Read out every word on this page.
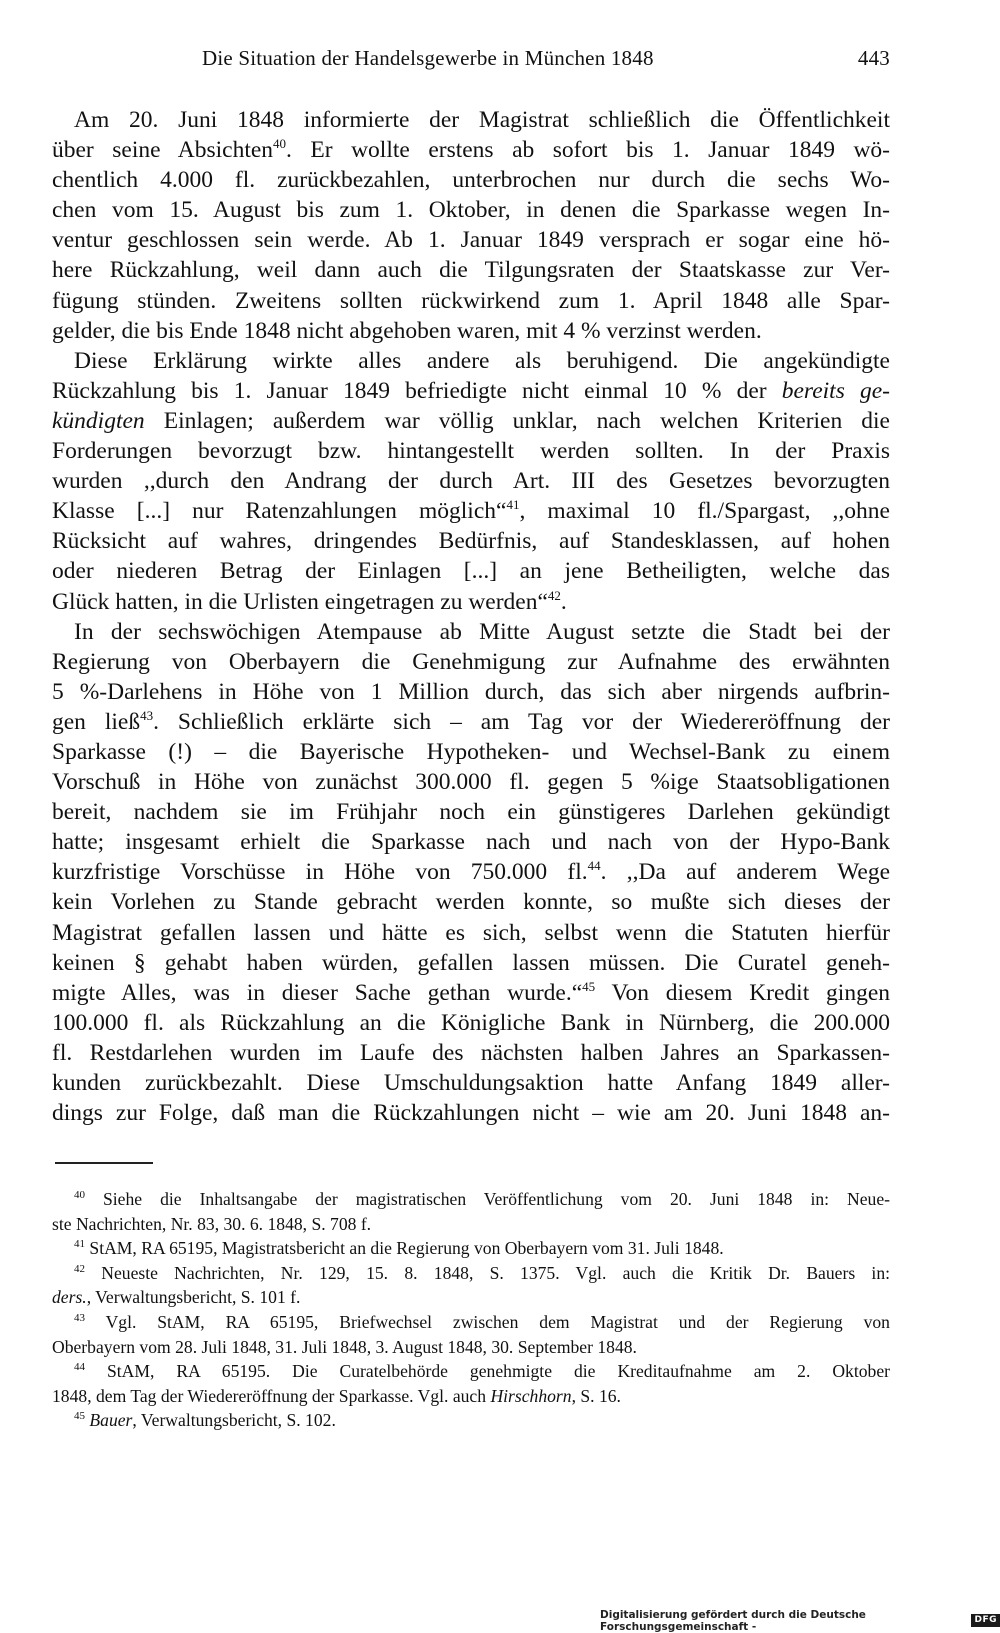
Die Situation der Handelsgewerbe in München 1848	443

Am 20. Juni 1848 informierte der Magistrat schließlich die Öffentlichkeit
über seine Absichten$^{40}$. Er wollte erstens ab sofort bis 1. Januar 1849 wö-
chentlich 4.000 fl. zurückbezahlen, unterbrochen nur durch die sechs Wo-
chen vom 15. August bis zum 1. Oktober, in denen die Sparkasse wegen In-
ventur geschlossen sein werde. Ab 1. Januar 1849 versprach er sogar eine hö-
here Rückzahlung, weil dann auch die Tilgungsraten der Staatskasse zur Ver-
fügung stünden. Zweitens sollten rückwirkend zum 1. April 1848 alle Spar-
gelder, die bis Ende 1848 nicht abgehoben waren, mit 4 % verzinst werden.

Diese Erklärung wirkte alles andere als beruhigend. Die angekündigte
Rückzahlung bis 1. Januar 1849 befriedigte nicht einmal 10 % der bereits ge-
kündigten Einlagen; außerdem war völlig unklar, nach welchen Kriterien die
Forderungen bevorzugt bzw. hintangestellt werden sollten. In der Praxis
wurden ,,durch den Andrang der durch Art. III des Gesetzes bevorzugten
Klasse [...] nur Ratenzahlungen möglich“$^{41}$, maximal 10 fl./Spargast, ,,ohne
Rücksicht auf wahres, dringendes Bedürfnis, auf Standesklassen, auf hohen
oder niederen Betrag der Einlagen [...] an jene Betheiligten, welche das
Glück hatten, in die Urlisten eingetragen zu werden“$^{42}$.

In der sechswöchigen Atempause ab Mitte August setzte die Stadt bei der
Regierung von Oberbayern die Genehmigung zur Aufnahme des erwähnten
5 %-Darlehens in Höhe von 1 Million durch, das sich aber nirgends aufbrin-
gen ließ$^{43}$. Schließlich erklärte sich – am Tag vor der Wiedereröffnung der
Sparkasse (!) – die Bayerische Hypotheken- und Wechsel-Bank zu einem
Vorschuß in Höhe von zunächst 300.000 fl. gegen 5 %ige Staatsobligationen
bereit, nachdem sie im Frühjahr noch ein günstigeres Darlehen gekündigt
hatte; insgesamt erhielt die Sparkasse nach und nach von der Hypo-Bank
kurzfristige Vorschüsse in Höhe von 750.000 fl.$^{44}$. ,,Da auf anderem Wege
kein Vorlehen zu Stande gebracht werden konnte, so mußte sich dieses der
Magistrat gefallen lassen und hätte es sich, selbst wenn die Statuten hierfür
keinen § gehabt haben würden, gefallen lassen müssen. Die Curatel geneh-
migte Alles, was in dieser Sache gethan wurde.“$^{45}$ Von diesem Kredit gingen
100.000 fl. als Rückzahlung an die Königliche Bank in Nürnberg, die 200.000
fl. Restdarlehen wurden im Laufe des nächsten halben Jahres an Sparkassen-
kunden zurückbezahlt. Diese Umschuldungsaktion hatte Anfang 1849 aller-
dings zur Folge, daß man die Rückzahlungen nicht – wie am 20. Juni 1848 an-

$^{40}$ Siehe die Inhaltsangabe der magistratischen Veröffentlichung vom 20. Juni 1848 in: Neue-
ste Nachrichten, Nr. 83, 30. 6. 1848, S. 708 f.
$^{41}$ StAM, RA 65195, Magistratsbericht an die Regierung von Oberbayern vom 31. Juli 1848.
$^{42}$ Neueste Nachrichten, Nr. 129, 15. 8. 1848, S. 1375. Vgl. auch die Kritik Dr. Bauers in:
ders., Verwaltungsbericht, S. 101 f.
$^{43}$ Vgl. StAM, RA 65195, Briefwechsel zwischen dem Magistrat und der Regierung von
Oberbayern vom 28. Juli 1848, 31. Juli 1848, 3. August 1848, 30. September 1848.
$^{44}$ StAM, RA 65195. Die Curatelbehörde genehmigte die Kreditaufnahme am 2. Oktober
1848, dem Tag der Wiedereröffnung der Sparkasse. Vgl. auch Hirschhorn, S. 16.
$^{45}$ Bauer, Verwaltungsbericht, S. 102.
Digitalisierung gefördert durch die Deutsche Forschungsgemeinschaft -
DFG
